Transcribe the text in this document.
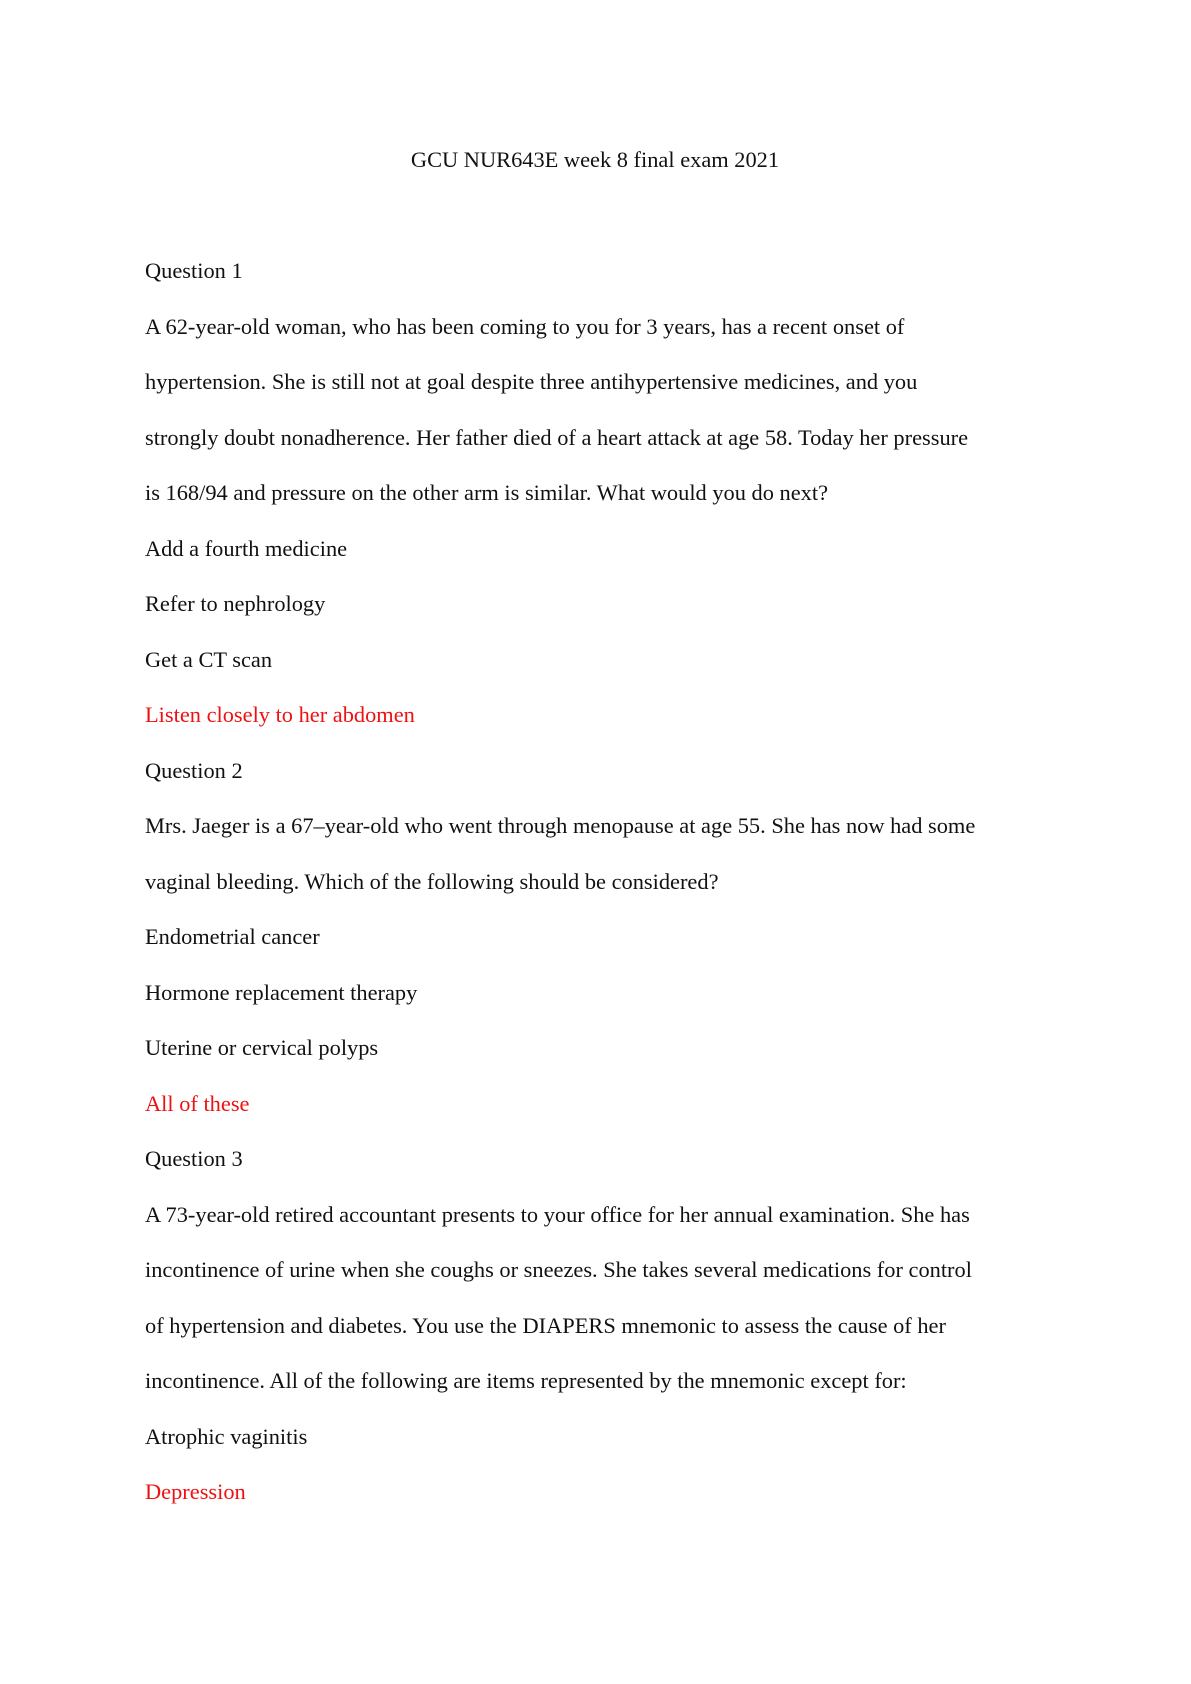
GCU NUR643E week 8 final exam 2021
Question 1
A 62-year-old woman, who has been coming to you for 3 years, has a recent onset of
hypertension. She is still not at goal despite three antihypertensive medicines, and you
strongly doubt nonadherence. Her father died of a heart attack at age 58. Today her pressure
is 168/94 and pressure on the other arm is similar. What would you do next?
Add a fourth medicine
Refer to nephrology
Get a CT scan
Listen closely to her abdomen
Question 2
Mrs. Jaeger is a 67–year-old who went through menopause at age 55. She has now had some
vaginal bleeding. Which of the following should be considered?
Endometrial cancer
Hormone replacement therapy
Uterine or cervical polyps
All of these
Question 3
A 73-year-old retired accountant presents to your office for her annual examination. She has
incontinence of urine when she coughs or sneezes. She takes several medications for control
of hypertension and diabetes. You use the DIAPERS mnemonic to assess the cause of her
incontinence. All of the following are items represented by the mnemonic except for:
Atrophic vaginitis
Depression
